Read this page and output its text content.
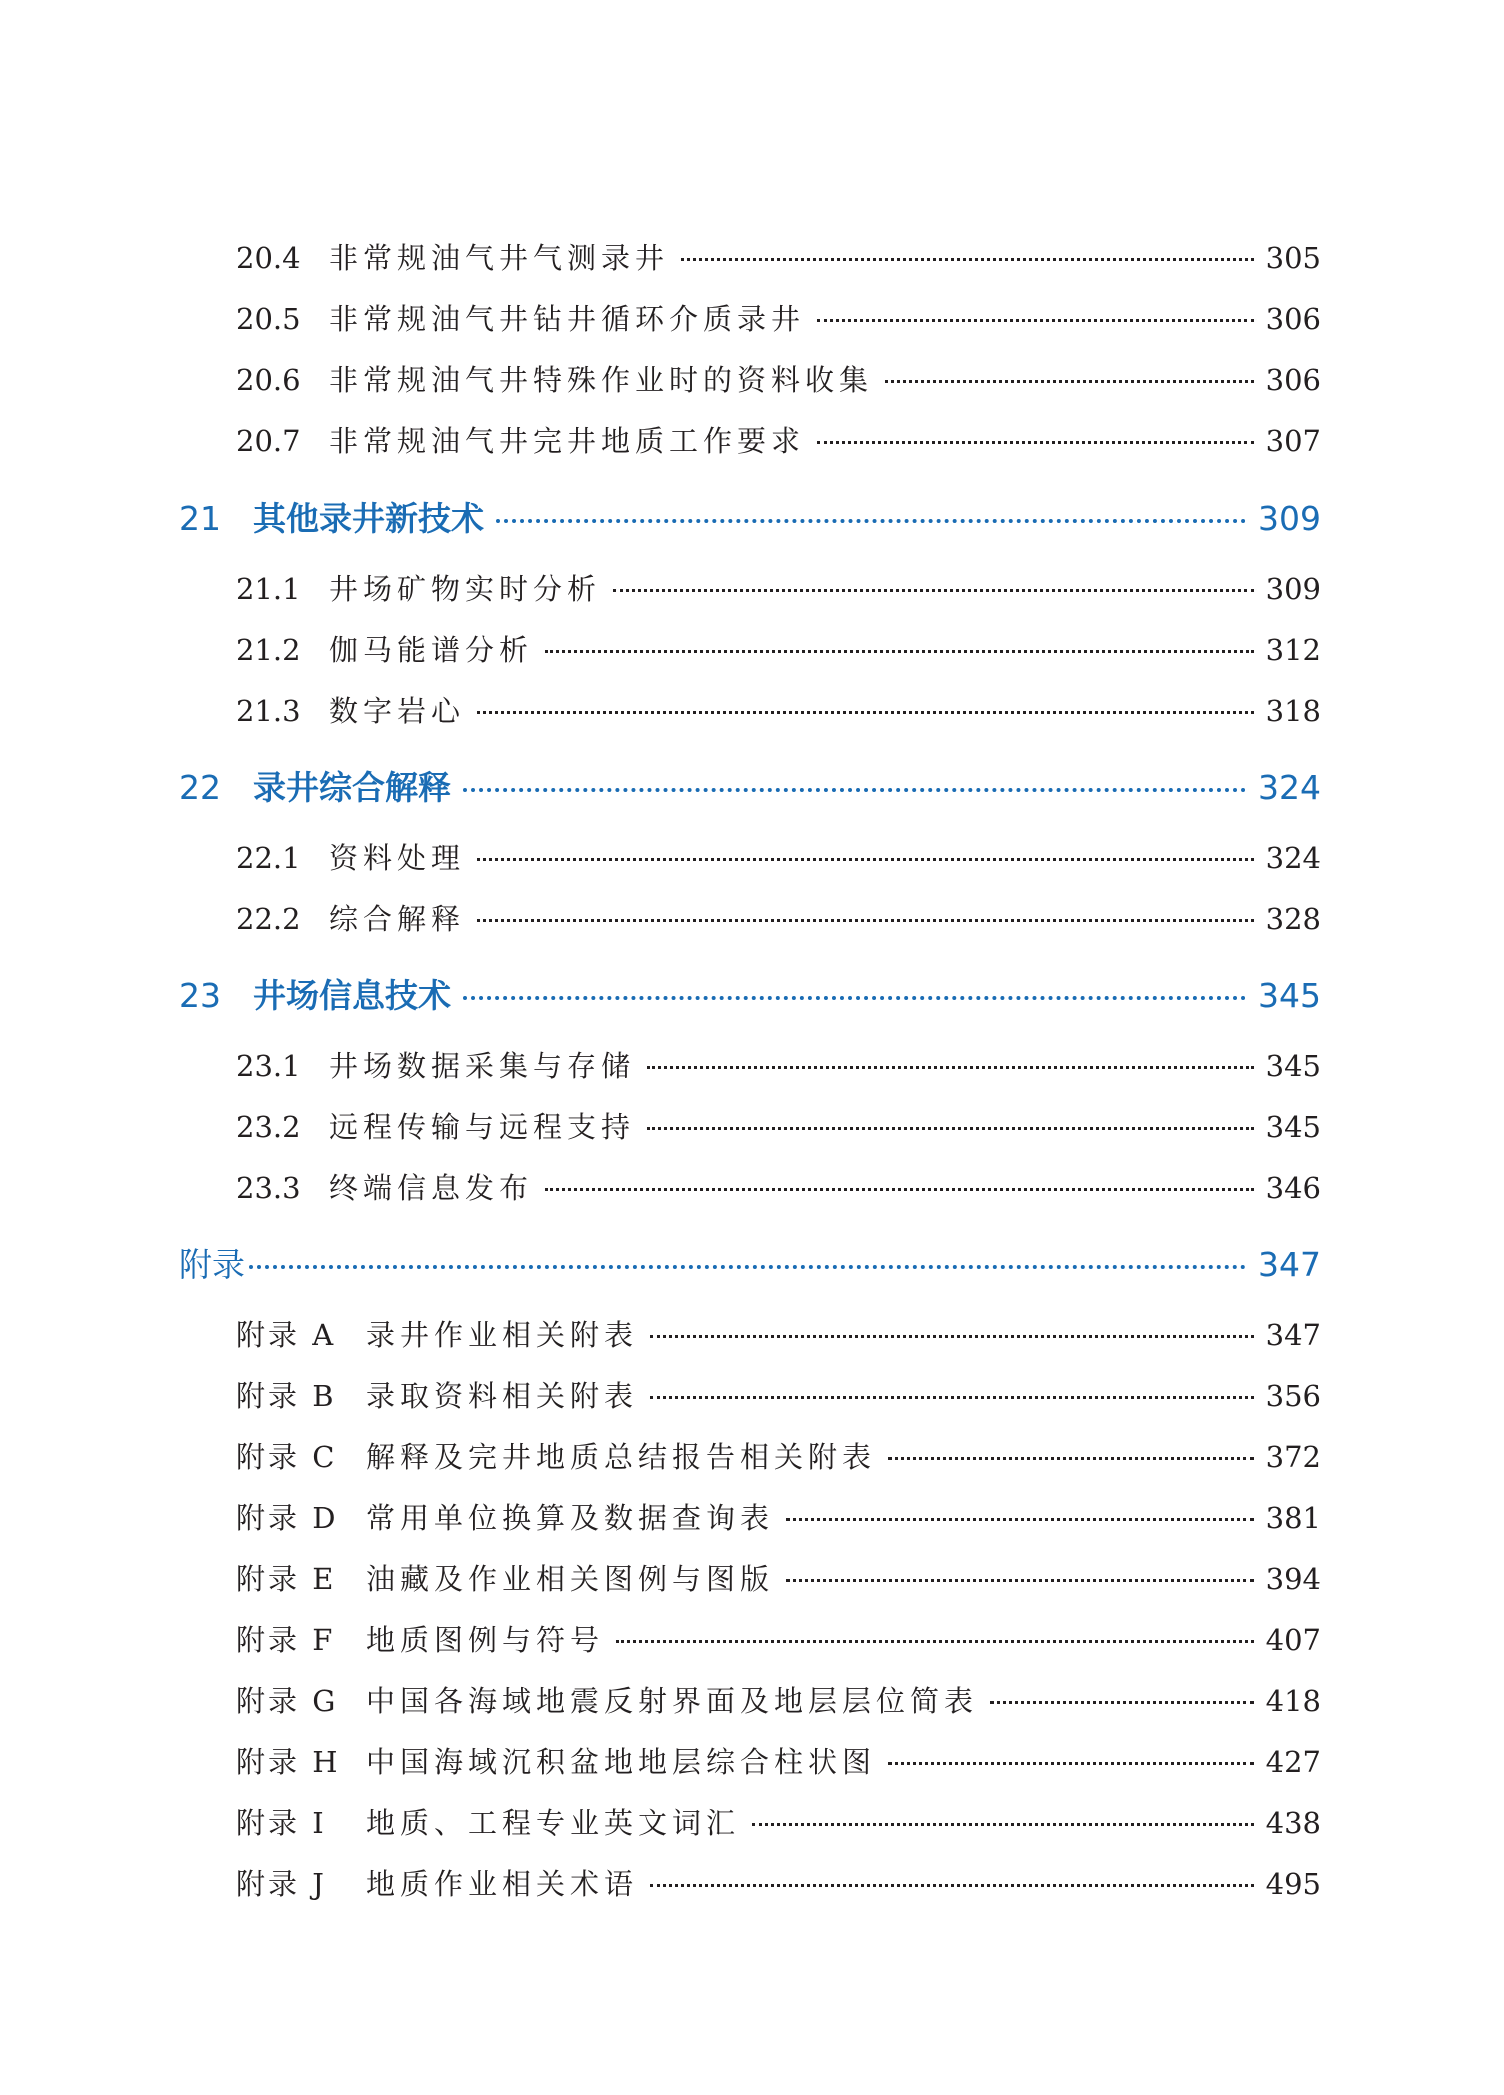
20.4 非常规油气井气测录井	305
20.5 非常规油气井钻井循环介质录井	306
20.6 非常规油气井特殊作业时的资料收集	306
20.7 非常规油气井完井地质工作要求	307
21 其他录井新技术	309
21.1 井场矿物实时分析	309
21.2 伽马能谱分析	312
21.3 数字岩心	318
22 录井综合解释	324
22.1 资料处理	324
22.2 综合解释	328
23 井场信息技术	345
23.1 井场数据采集与存储	345
23.2 远程传输与远程支持	345
23.3 终端信息发布	346
附录	347
附录 A	录井作业相关附表	347
附录 B	录取资料相关附表	356
附录 C 解释及完井地质总结报告相关附表	372
附录 D 常用单位换算及数据查询表	381
附录 E	油藏及作业相关图例与图版	394
附录 F	地质图例与符号	407
附录 G 中国各海域地震反射界面及地层层位简表	418
附录 H 中国海域沉积盆地地层综合柱状图	427
附录 I	地质、工程专业英文词汇	438
附录 J	地质作业相关术语	495
